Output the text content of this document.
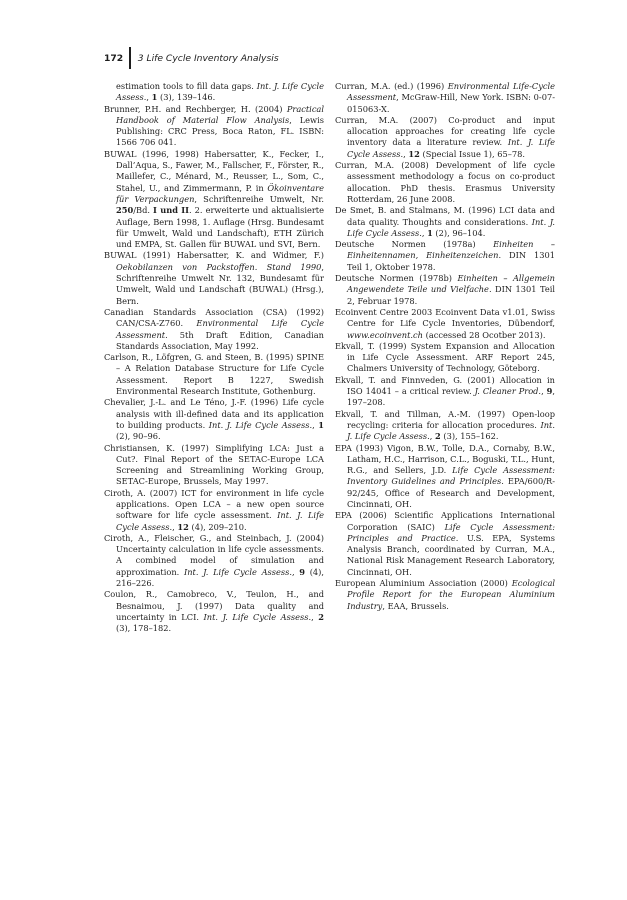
172 3 Life Cycle Inventory Analysis

estimation tools to fill data gaps. Int. J. Life Cycle Assess., 1 (3), 139–146.

Brunner, P.H. and Rechberger, H. (2004) Practical Handbook of Material Flow Analysis, Lewis Publishing: CRC Press, Boca Raton, FL. ISBN: 1566 706 041.

BUWAL (1996, 1998) Habersatter, K., Fecker, I., Dall’Aqua, S., Fawer, M., Fallscher, F., Förster, R., Maillefer, C., Ménard, M., Reusser, L., Som, C., Stahel, U., and Zimmermann, P. in Ökoinventare für Verpackungen, Schriftenreihe Umwelt, Nr. 250/Bd. I und II. 2. erweiterte und aktualisierte Auflage, Bern 1998, 1. Auflage (Hrsg. Bundesamt für Umwelt, Wald und Landschaft), ETH Zürich und EMPA, St. Gallen für BUWAL und SVI, Bern.

BUWAL (1991) Habersatter, K. and Widmer, F.) Oekobilanzen von Packstoffen. Stand 1990, Schriftenreihe Umwelt Nr. 132, Bundesamt für Umwelt, Wald und Landschaft (BUWAL) (Hrsg.), Bern.

Canadian Standards Association (CSA) (1992) CAN/CSA-Z760. Environmental Life Cycle Assessment. 5th Draft Edition, Canadian Standards Association, May 1992.

Carlson, R., Löfgren, G. and Steen, B. (1995) SPINE – A Relation Database Structure for Life Cycle Assessment. Report B 1227, Swedish Environmental Research Institute, Gothenburg.

Chevalier, J.-L. and Le Téno, J.-F. (1996) Life cycle analysis with ill-defined data and its application to building products. Int. J. Life Cycle Assess., 1 (2), 90–96.

Christiansen, K. (1997) Simplifying LCA: Just a Cut?. Final Report of the SETAC-Europe LCA Screening and Streamlining Working Group, SETAC-Europe, Brussels, May 1997.

Ciroth, A. (2007) ICT for environment in life cycle applications. Open LCA – a new open source software for life cycle assessment. Int. J. Life Cycle Assess., 12 (4), 209–210.

Ciroth, A., Fleischer, G., and Steinbach, J. (2004) Uncertainty calculation in life cycle assessments. A combined model of simulation and approximation. Int. J. Life Cycle Assess., 9 (4), 216–226.

Coulon, R., Camobreco, V., Teulon, H., and Besnaimou, J. (1997) Data quality and uncertainty in LCI. Int. J. Life Cycle Assess., 2 (3), 178–182.

Curran, M.A. (ed.) (1996) Environmental Life-Cycle Assessment, McGraw-Hill, New York. ISBN: 0-07-015063-X.

Curran, M.A. (2007) Co-product and input allocation approaches for creating life cycle inventory data a literature review. Int. J. Life Cycle Assess., 12 (Special Issue 1), 65–78.

Curran, M.A. (2008) Development of life cycle assessment methodology a focus on co-product allocation. PhD thesis. Erasmus University Rotterdam, 26 June 2008.

De Smet, B. and Stalmans, M. (1996) LCI data and data quality. Thoughts and considerations. Int. J. Life Cycle Assess., 1 (2), 96–104.

Deutsche Normen (1978a) Einheiten – Einheitennamen, Einheitenzeichen. DIN 1301 Teil 1, Oktober 1978.

Deutsche Normen (1978b) Einheiten – Allgemein Angewendete Teile und Vielfache. DIN 1301 Teil 2, Februar 1978.

Ecoinvent Centre 2003 Ecoinvent Data v1.01, Swiss Centre for Life Cycle Inventories, Dübendorf, www.ecoinvent.ch (accessed 28 Ocotber 2013).

Ekvall, T. (1999) System Expansion and Allocation in Life Cycle Assessment. ARF Report 245, Chalmers University of Technology, Göteborg.

Ekvall, T. and Finnveden, G. (2001) Allocation in ISO 14041 – a critical review. J. Cleaner Prod., 9, 197–208.

Ekvall, T. and Tillman, A.-M. (1997) Open-loop recycling: criteria for allocation procedures. Int. J. Life Cycle Assess., 2 (3), 155–162.

EPA (1993) Vigon, B.W., Tolle, D.A., Cornaby, B.W., Latham, H.C., Harrison, C.L., Boguski, T.L., Hunt, R.G., and Sellers, J.D. Life Cycle Assessment: Inventory Guidelines and Principles. EPA/600/R-92/245, Office of Research and Development, Cincinnati, OH.

EPA (2006) Scientific Applications International Corporation (SAIC) Life Cycle Assessment: Principles and Practice. U.S. EPA, Systems Analysis Branch, coordinated by Curran, M.A., National Risk Management Research Laboratory, Cincinnati, OH.

European Aluminium Association (2000) Ecological Profile Report for the European Aluminium Industry, EAA, Brussels.
